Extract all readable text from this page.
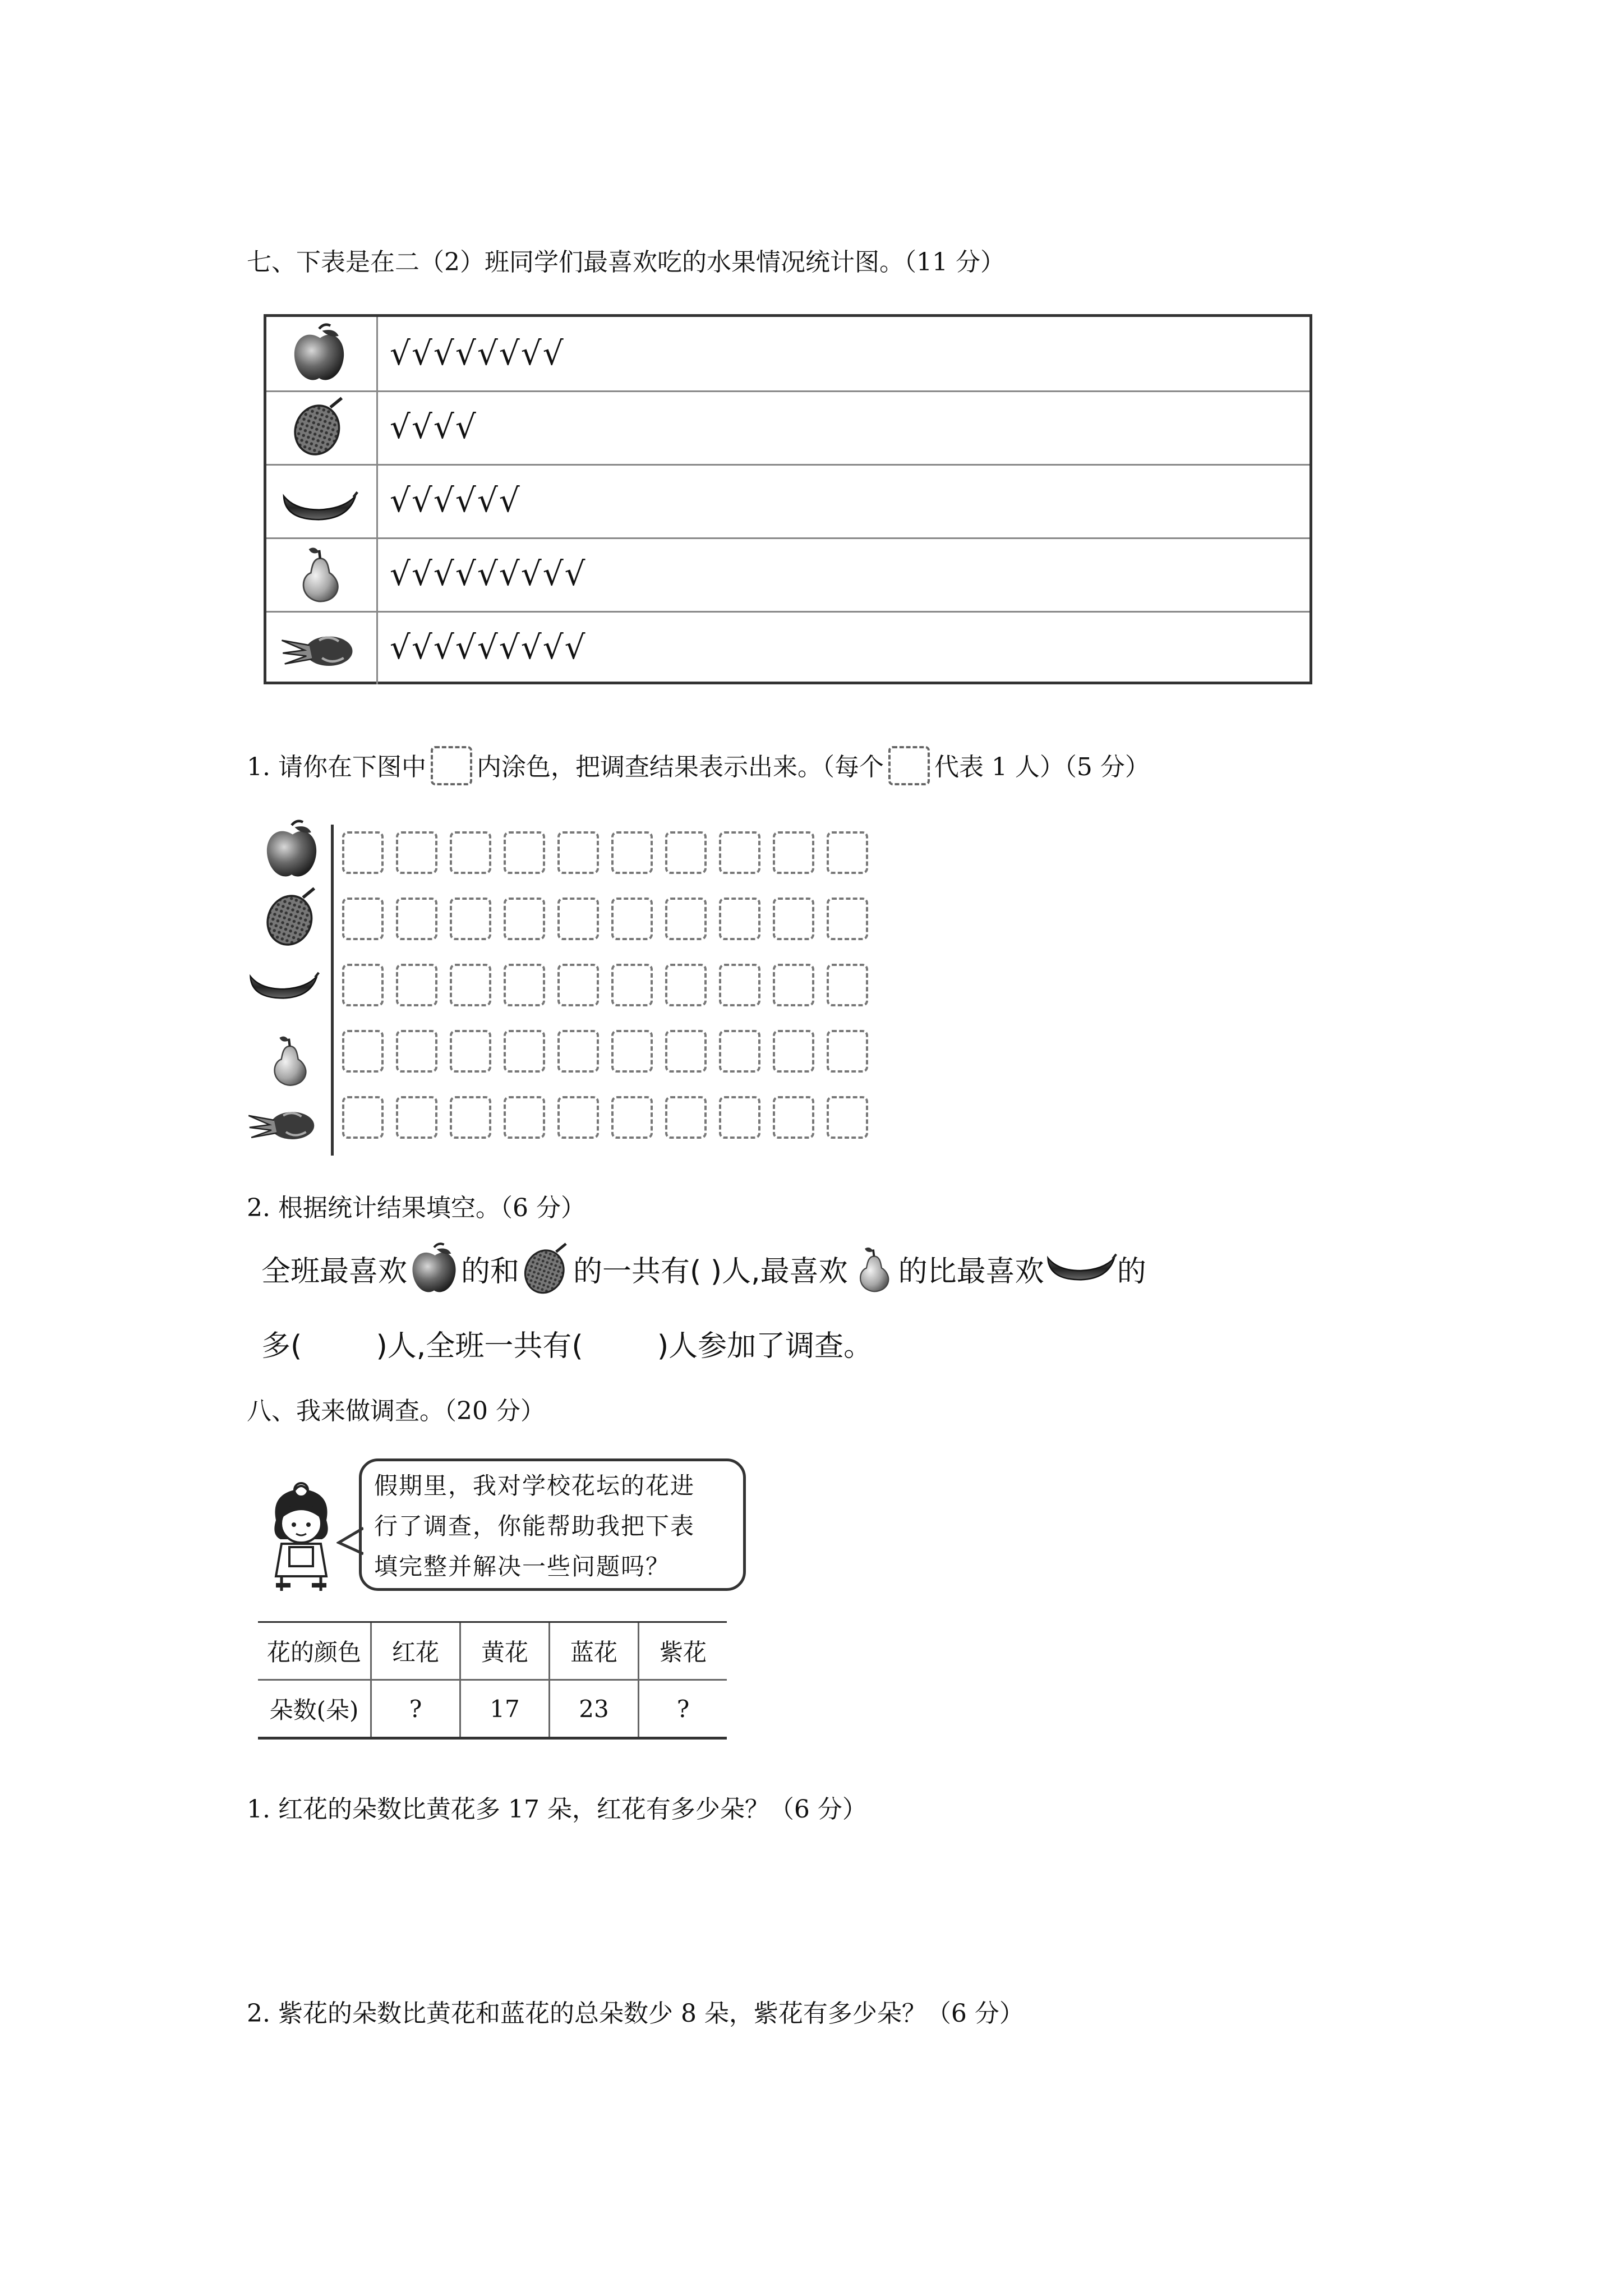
七、下表是在二（2）班同学们最喜欢吃的水果情况统计图。（11 分）
√√√√√√√√
√√√√
√√√√√√
√√√√√√√√√
√√√√√√√√√
1. 请你在下图中 内涂色，把调查结果表示出来。（每个 代表 1 人）（5 分）
2. 根据统计结果填空。（6 分）
全班最喜欢 的和 的一共有( )人,最喜欢 的比最喜欢	的
多(        )人,全班一共有(        )人参加了调查。
八、我来做调查。（20 分）
假期里，我对学校花坛的花进
行了调查，你能帮助我把下表
填完整并解决一些问题吗？
花的颜色	红花	黄花	蓝花	紫花
朵数(朵)	?	17	23	?
1. 红花的朵数比黄花多 17 朵，红花有多少朵？（6 分）
2. 紫花的朵数比黄花和蓝花的总朵数少 8 朵，紫花有多少朵？（6 分）
